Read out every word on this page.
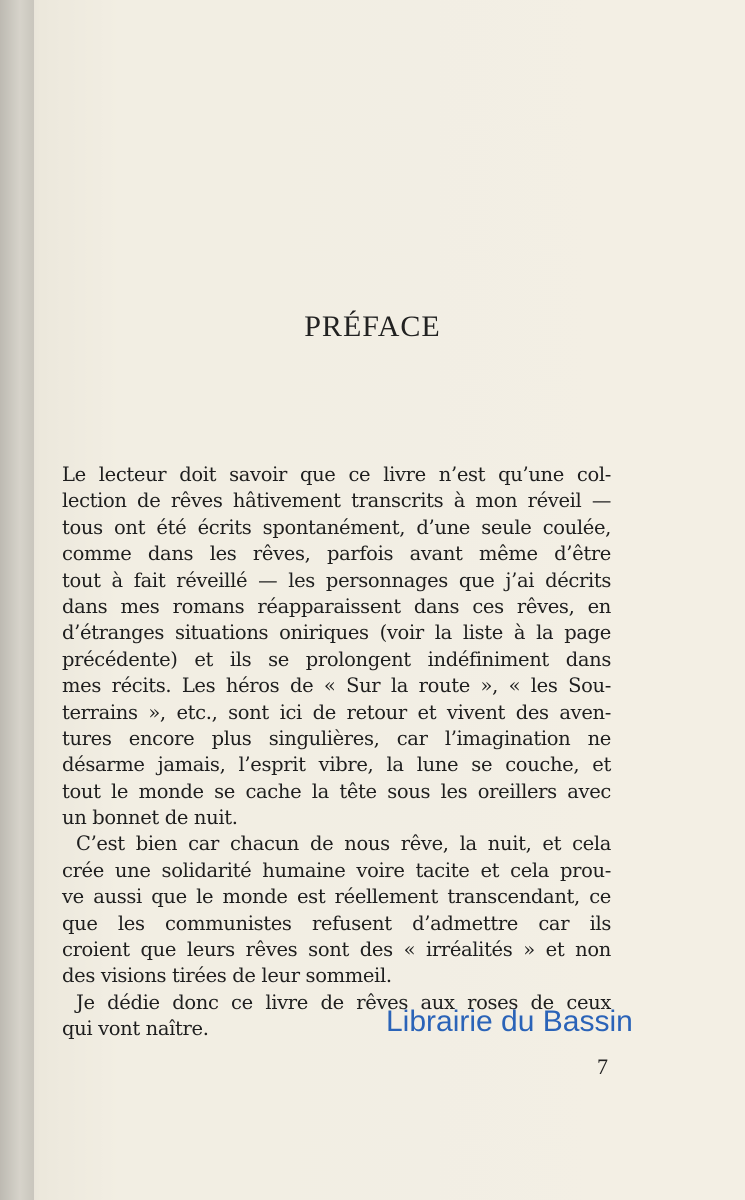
PRÉFACE
Le lecteur doit savoir que ce livre n’est qu’une col-
lection de rêves hâtivement transcrits à mon réveil —
tous ont été écrits spontanément, d’une seule coulée,
comme dans les rêves, parfois avant même d’être
tout à fait réveillé — les personnages que j’ai décrits
dans mes romans réapparaissent dans ces rêves, en
d’étranges situations oniriques (voir la liste à la page
précédente) et ils se prolongent indéfiniment dans
mes récits. Les héros de « Sur la route », « les Sou-
terrains », etc., sont ici de retour et vivent des aven-
tures encore plus singulières, car l’imagination ne
désarme jamais, l’esprit vibre, la lune se couche, et
tout le monde se cache la tête sous les oreillers avec
un bonnet de nuit.
C’est bien car chacun de nous rêve, la nuit, et cela
crée une solidarité humaine voire tacite et cela prou-
ve aussi que le monde est réellement transcendant, ce
que les communistes refusent d’admettre car ils
croient que leurs rêves sont des « irréalités » et non
des visions tirées de leur sommeil.
Je dédie donc ce livre de rêves aux roses de ceux
qui vont naître.	Librairie du Bassin
7
